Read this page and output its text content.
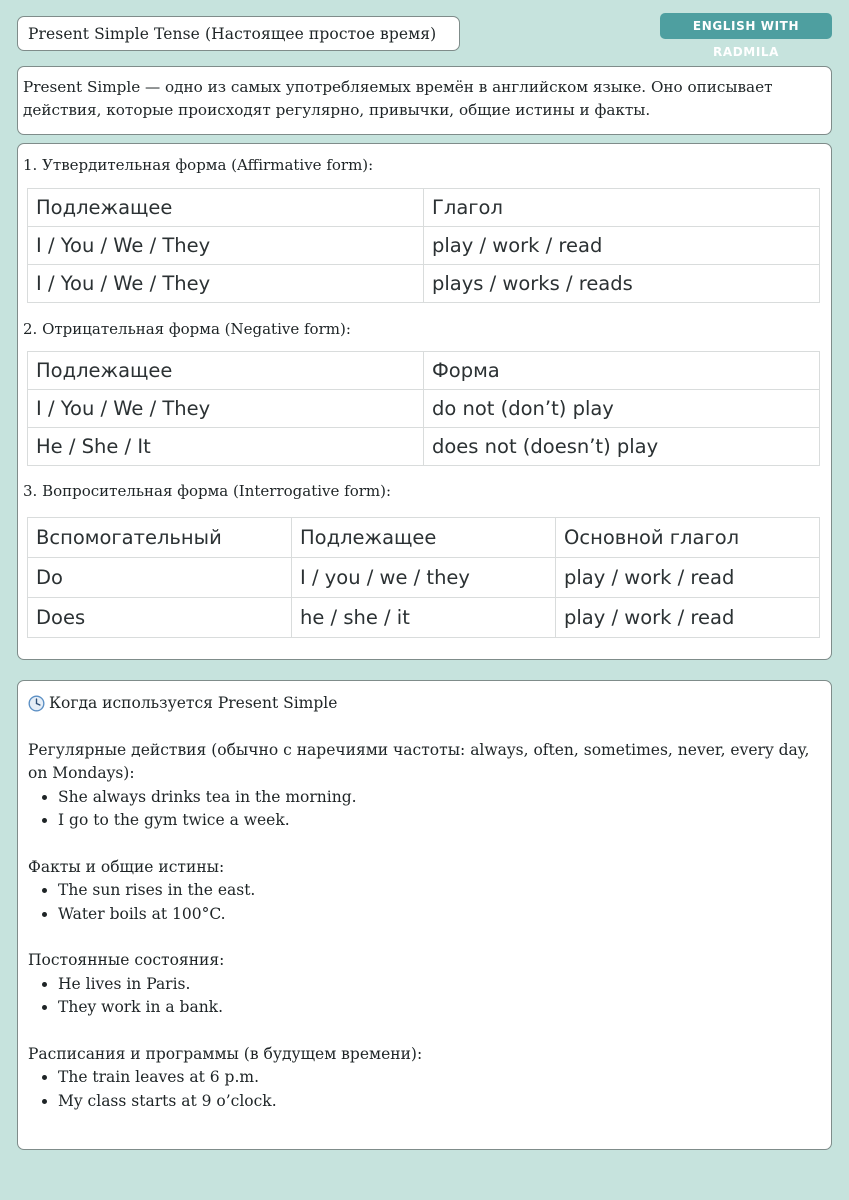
Present Simple Tense (Настоящее простое время)	ENGLISH WITH RADMILA

Present Simple — одно из самых употребляемых времён в английском языке. Оно описывает действия, которые происходят регулярно, привычки, общие истины и факты.

1. Утвердительная форма (Affirmative form):
Подлежащее	Глагол
I / You / We / They	play / work / read
I / You / We / They	plays / works / reads
2. Отрицательная форма (Negative form):
Подлежащее	Форма
I / You / We / They	do not (don’t) play
He / She / It	does not (doesn’t) play
3. Вопросительная форма (Interrogative form):
Вспомогательный	Подлежащее	Основной глагол
Do	I / you / we / they	play / work / read
Does	he / she / it	play / work / read
Когда используется Present Simple
Регулярные действия (обычно с наречиями частоты: always, often, sometimes, never, every day, on Mondays):
• She always drinks tea in the morning.
• I go to the gym twice a week.
Факты и общие истины:
• The sun rises in the east.
• Water boils at 100°C.
Постоянные состояния:
• He lives in Paris.
• They work in a bank.
Расписания и программы (в будущем времени):
• The train leaves at 6 p.m.
• My class starts at 9 o’clock.
